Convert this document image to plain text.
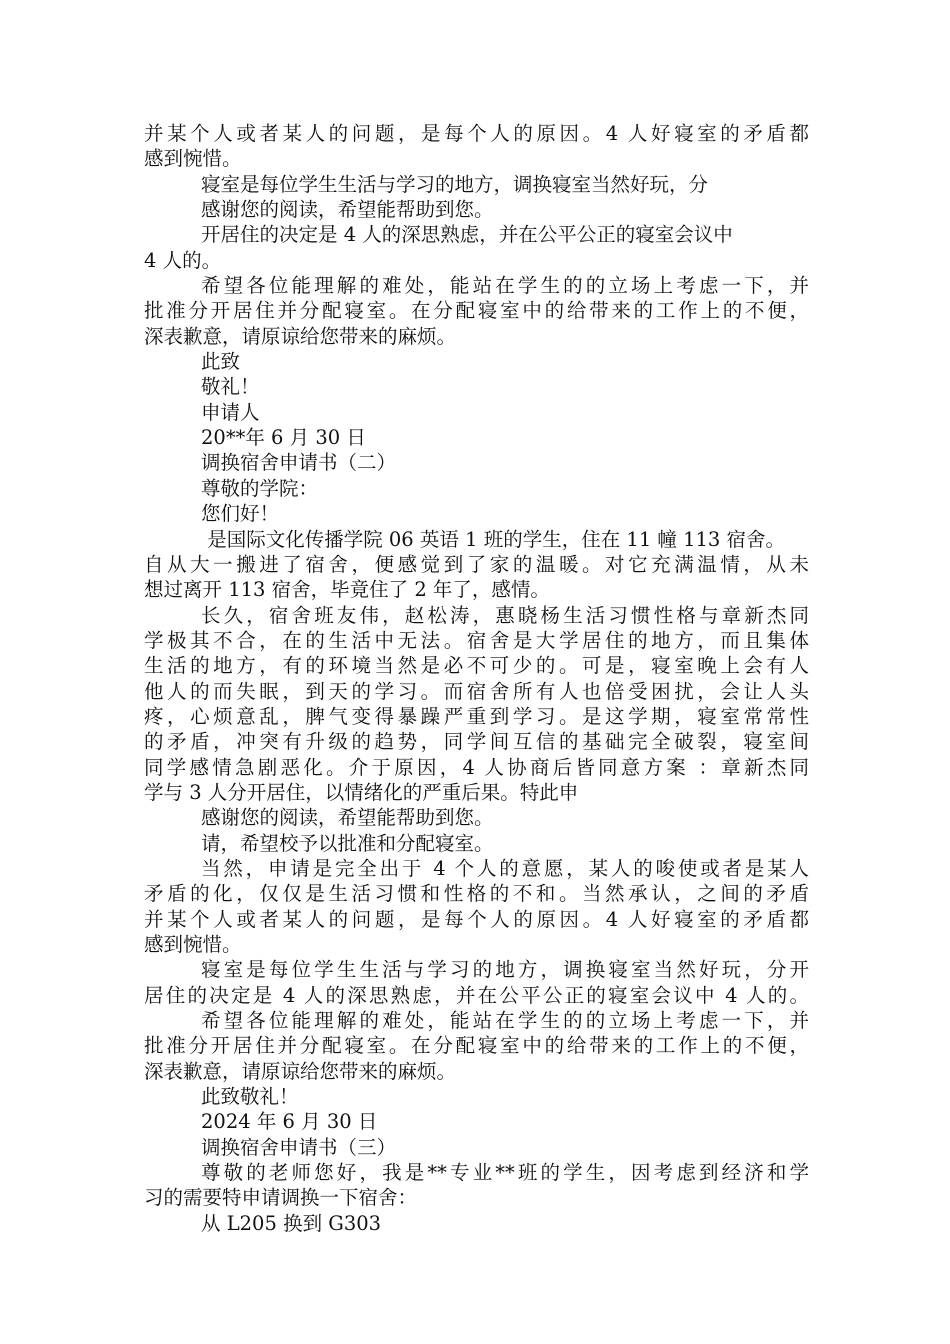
并某个人或者某人的问题，是每个人的原因。4 人好寝室的矛盾都
感到惋惜。
寝室是每位学生生活与学习的地方，调换寝室当然好玩，分
感谢您的阅读，希望能帮助到您。
开居住的决定是 4 人的深思熟虑，并在公平公正的寝室会议中
4 人的。
希望各位能理解的难处，能站在学生的的立场上考虑一下，并
批准分开居住并分配寝室。在分配寝室中的给带来的工作上的不便，
深表歉意，请原谅给您带来的麻烦。
此致
敬礼！
申请人
20**年 6 月 30 日
调换宿舍申请书（二）
尊敬的学院：
您们好！
是国际文化传播学院 06 英语 1 班的学生，住在 11 幢 113 宿舍。
自从大一搬进了宿舍，便感觉到了家的温暖。对它充满温情，从未
想过离开 113 宿舍，毕竟住了 2 年了，感情。
长久，宿舍班友伟，赵松涛，惠晓杨生活习惯性格与章新杰同
学极其不合，在的生活中无法。宿舍是大学居住的地方，而且集体
生活的地方，有的环境当然是必不可少的。可是，寝室晚上会有人
他人的而失眠，到天的学习。而宿舍所有人也倍受困扰，会让人头
疼，心烦意乱，脾气变得暴躁严重到学习。是这学期，寝室常常性
的矛盾，冲突有升级的趋势，同学间互信的基础完全破裂，寝室间
同学感情急剧恶化。介于原因，4 人协商后皆同意方案 ：章新杰同
学与 3 人分开居住，以情绪化的严重后果。特此申
感谢您的阅读，希望能帮助到您。
请，希望校予以批准和分配寝室。
当然，申请是完全出于 4 个人的意愿，某人的唆使或者是某人
矛盾的化，仅仅是生活习惯和性格的不和。当然承认，之间的矛盾
并某个人或者某人的问题，是每个人的原因。4 人好寝室的矛盾都
感到惋惜。
寝室是每位学生生活与学习的地方，调换寝室当然好玩，分开
居住的决定是 4 人的深思熟虑，并在公平公正的寝室会议中 4 人的。
希望各位能理解的难处，能站在学生的的立场上考虑一下，并
批准分开居住并分配寝室。在分配寝室中的给带来的工作上的不便，
深表歉意，请原谅给您带来的麻烦。
此致敬礼！
2024 年 6 月 30 日
调换宿舍申请书（三）
尊敬的老师您好，我是**专业**班的学生，因考虑到经济和学
习的需要特申请调换一下宿舍：
从 L205 换到 G303
